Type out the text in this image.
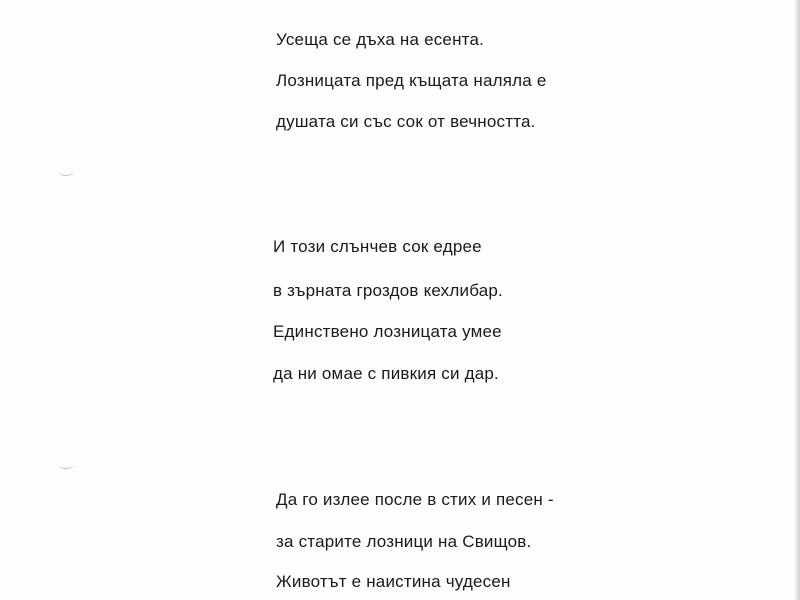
Усеща се дъха на есента.
Лозницата пред къщата наляла е
душата си със сок от вечността.
И този слънчев сок едрее
в зърната гроздов кехлибар.
Единствено лозницата умее
да ни омае с пивкия си дар.
Да го излее после в стих и песен -
за старите лозници на Свищов.
Животът е наистина чудесен
